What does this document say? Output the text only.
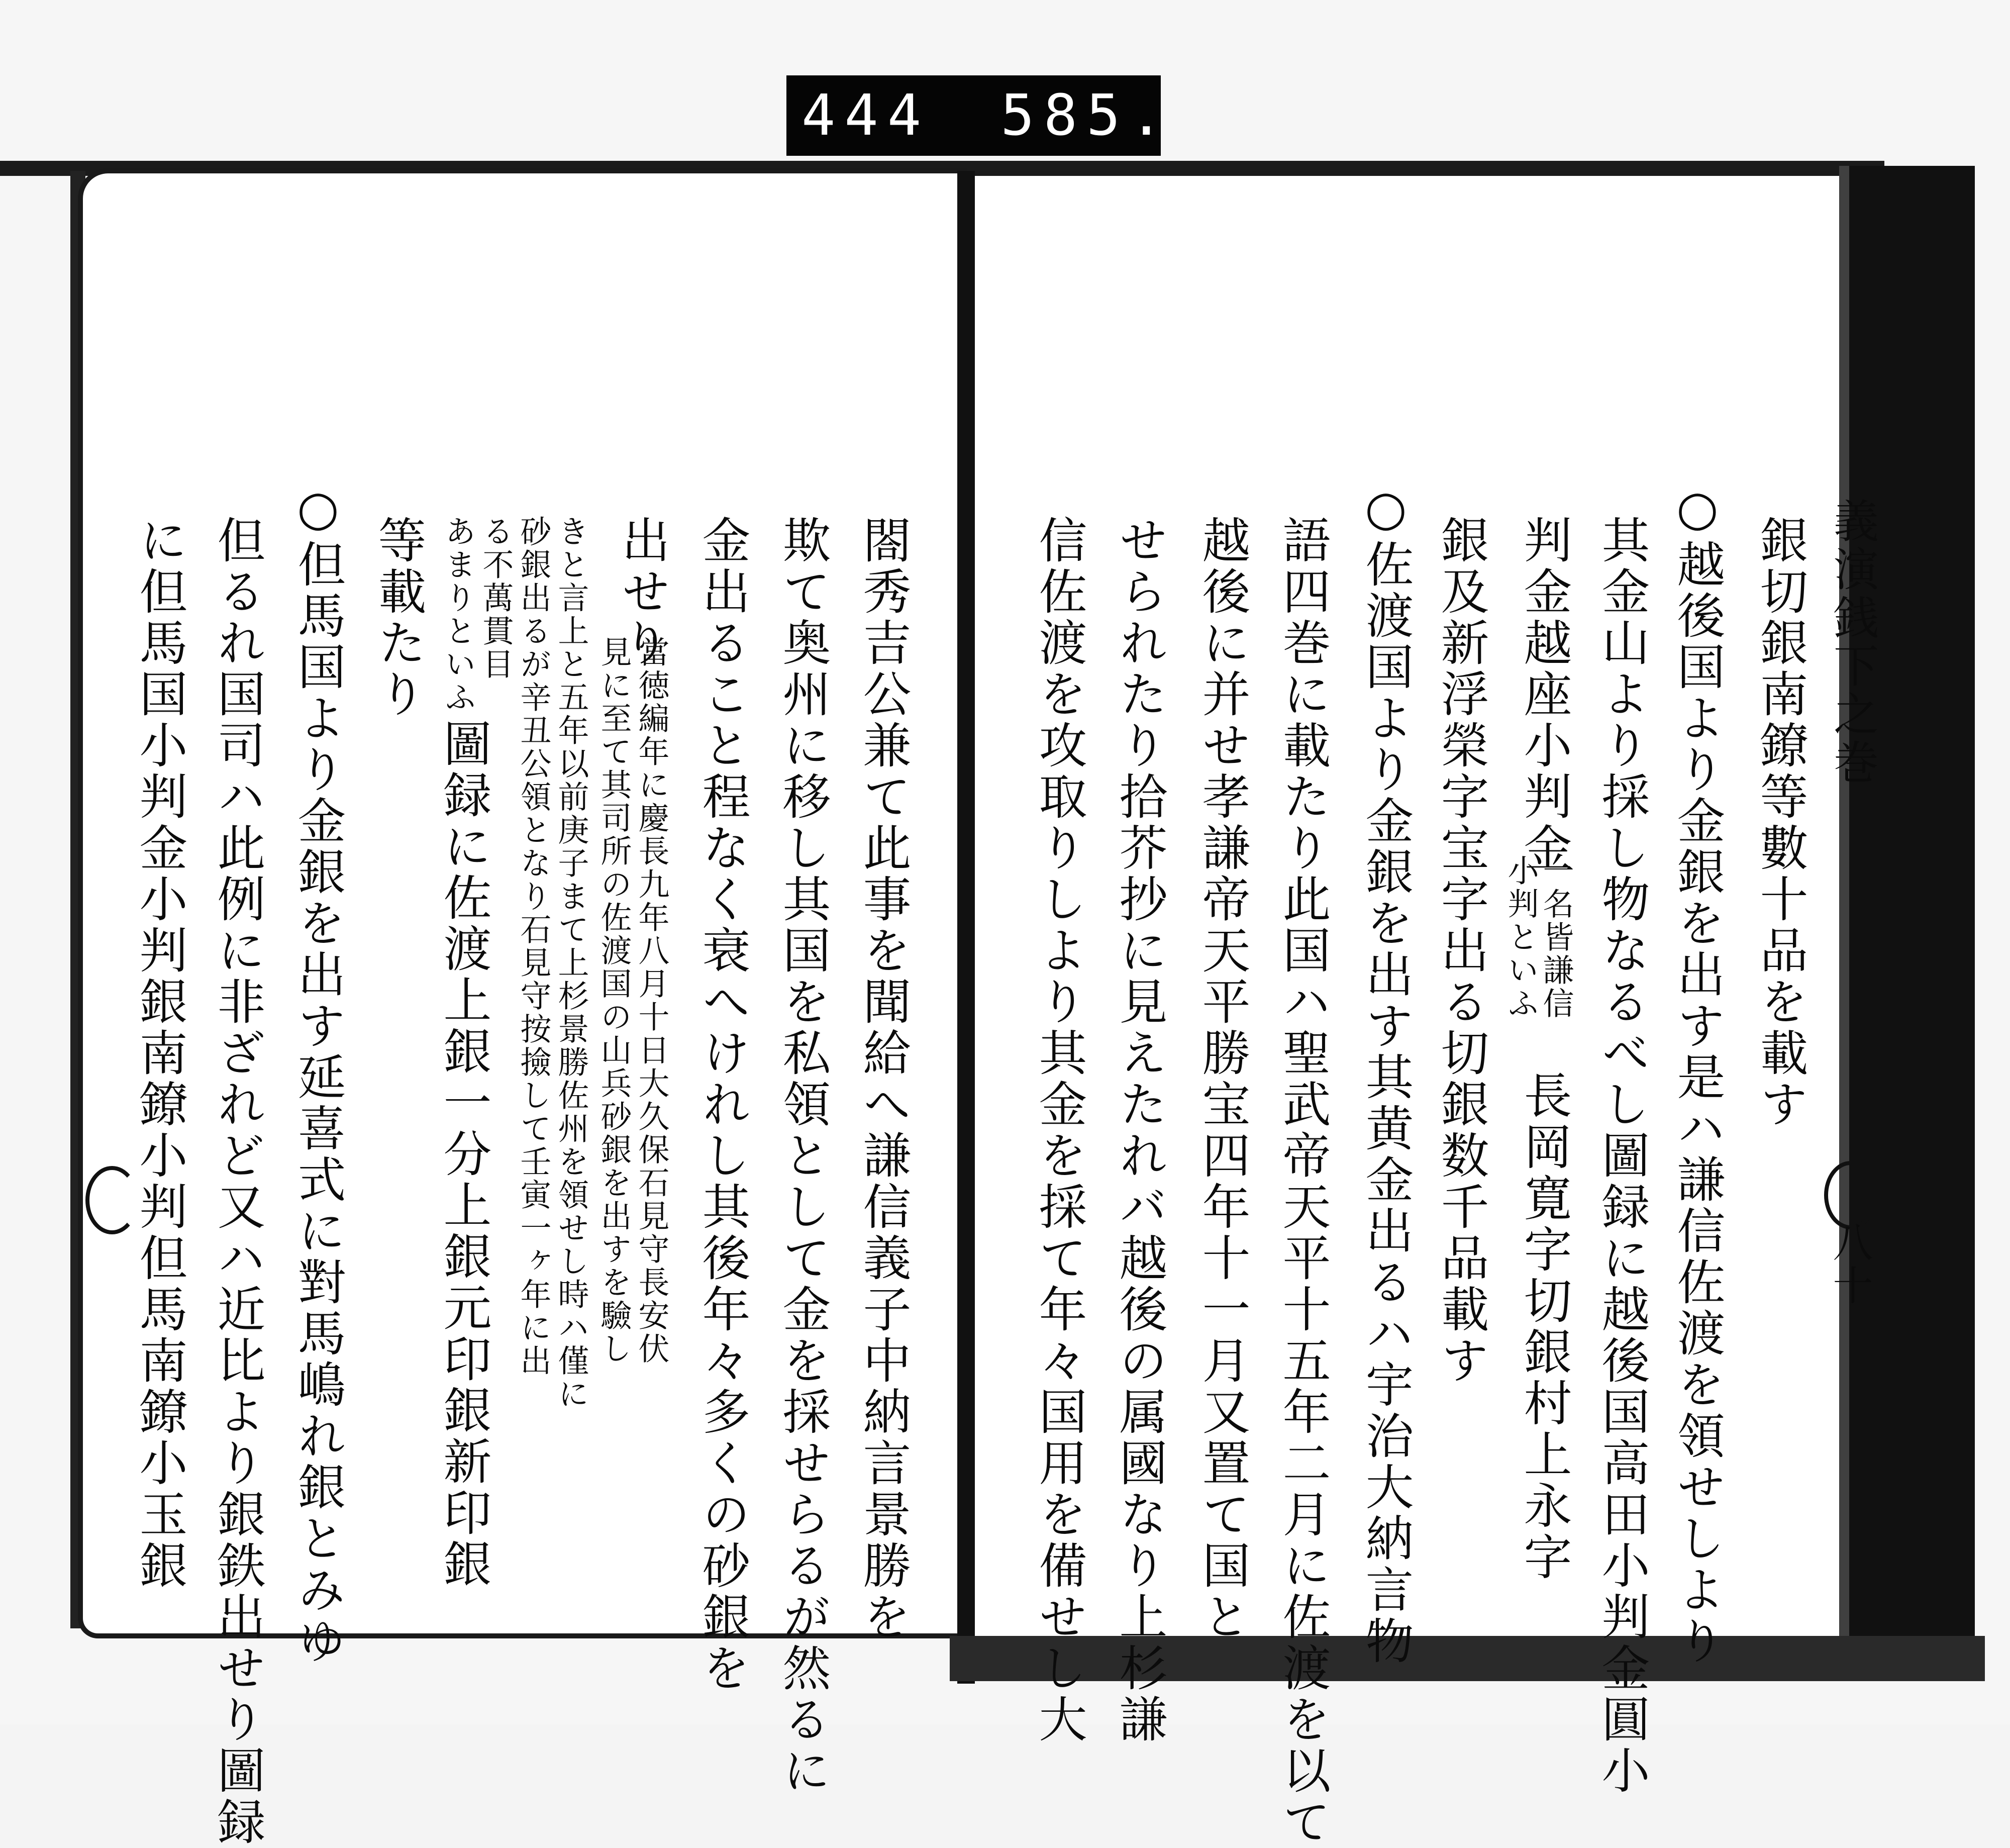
444 585.
義演銭下之巻
八十
銀切銀南鐐等數十品を載す
○越後国より金銀を出す是ハ謙信佐渡を領せしより
其金山より採し物なるべし圖録に越後国高田小判金圓小
判金越座小判金
一名皆謙信
小判といふ
長岡寛字切銀村上永字
銀及新浮榮字宝字出る切銀数千品載す
○佐渡国より金銀を出す其黄金出るハ宇治大納言物
語四巻に載たり此国ハ聖武帝天平十五年二月に佐渡を以て
越後に并せ孝謙帝天平勝宝四年十一月又置て国と
せられたり拾芥抄に見えたれバ越後の属國なり上杉謙
信佐渡を攻取りしより其金を採て年々国用を備せし大
閤秀吉公兼て此事を聞給へ謙信義子中納言景勝を
欺て奥州に移し其国を私領として金を採せらるが然るに
金出ること程なく衰へけれし其後年々多くの砂銀を
出せり
當徳編年に慶長九年八月十日大久保石見守長安伏
見に至て其司所の佐渡国の山兵砂銀を出すを驗し
きと言上と五年以前庚子まて上杉景勝佐州を領せし時ハ僅に
砂銀出るが辛丑公領となり石見守按撿して壬寅一ヶ年に出
る不萬貫目
あまりといふ
圖録に佐渡上銀一分上銀元印銀新印銀
等載たり
○但馬国より金銀を出す延喜式に對馬嶋れ銀とみゆ
但るれ国司ハ此例に非ざれど又ハ近比より銀鉄出せり圖録
に但馬国小判金小判銀南鐐小判但馬南鐐小玉銀
